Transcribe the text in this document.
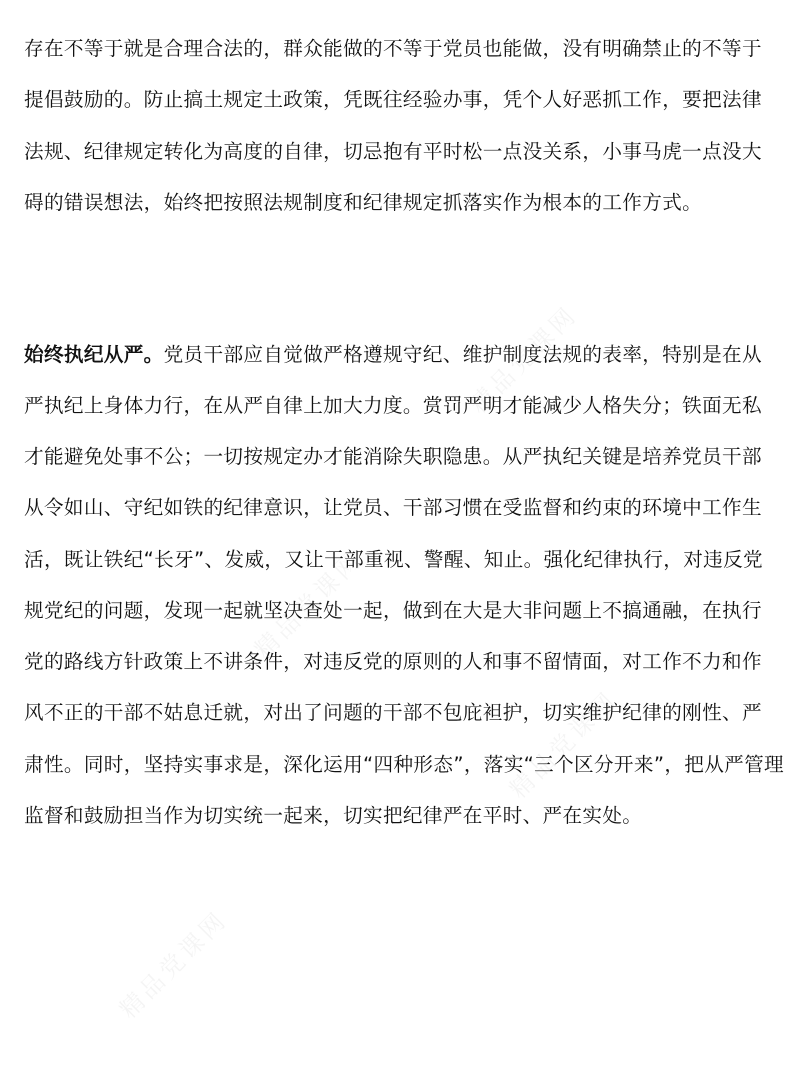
存在不等于就是合理合法的，群众能做的不等于党员也能做，没有明确禁止的不等于
提倡鼓励的。防止搞土规定土政策，凭既往经验办事，凭个人好恶抓工作，要把法律
法规、纪律规定转化为高度的自律，切忌抱有平时松一点没关系，小事马虎一点没大
碍的错误想法，始终把按照法规制度和纪律规定抓落实作为根本的工作方式。
始终执纪从严。党员干部应自觉做严格遵规守纪、维护制度法规的表率，特别是在从
严执纪上身体力行，在从严自律上加大力度。赏罚严明才能减少人格失分；铁面无私
才能避免处事不公；一切按规定办才能消除失职隐患。从严执纪关键是培养党员干部
从令如山、守纪如铁的纪律意识，让党员、干部习惯在受监督和约束的环境中工作生
活，既让铁纪“长牙”、发威，又让干部重视、警醒、知止。强化纪律执行，对违反党
规党纪的问题，发现一起就坚决查处一起，做到在大是大非问题上不搞通融，在执行
党的路线方针政策上不讲条件，对违反党的原则的人和事不留情面，对工作不力和作
风不正的干部不姑息迁就，对出了问题的干部不包庇袒护，切实维护纪律的刚性、严
肃性。同时，坚持实事求是，深化运用“四种形态”，落实“三个区分开来”，把从严管理
监督和鼓励担当作为切实统一起来，切实把纪律严在平时、严在实处。
